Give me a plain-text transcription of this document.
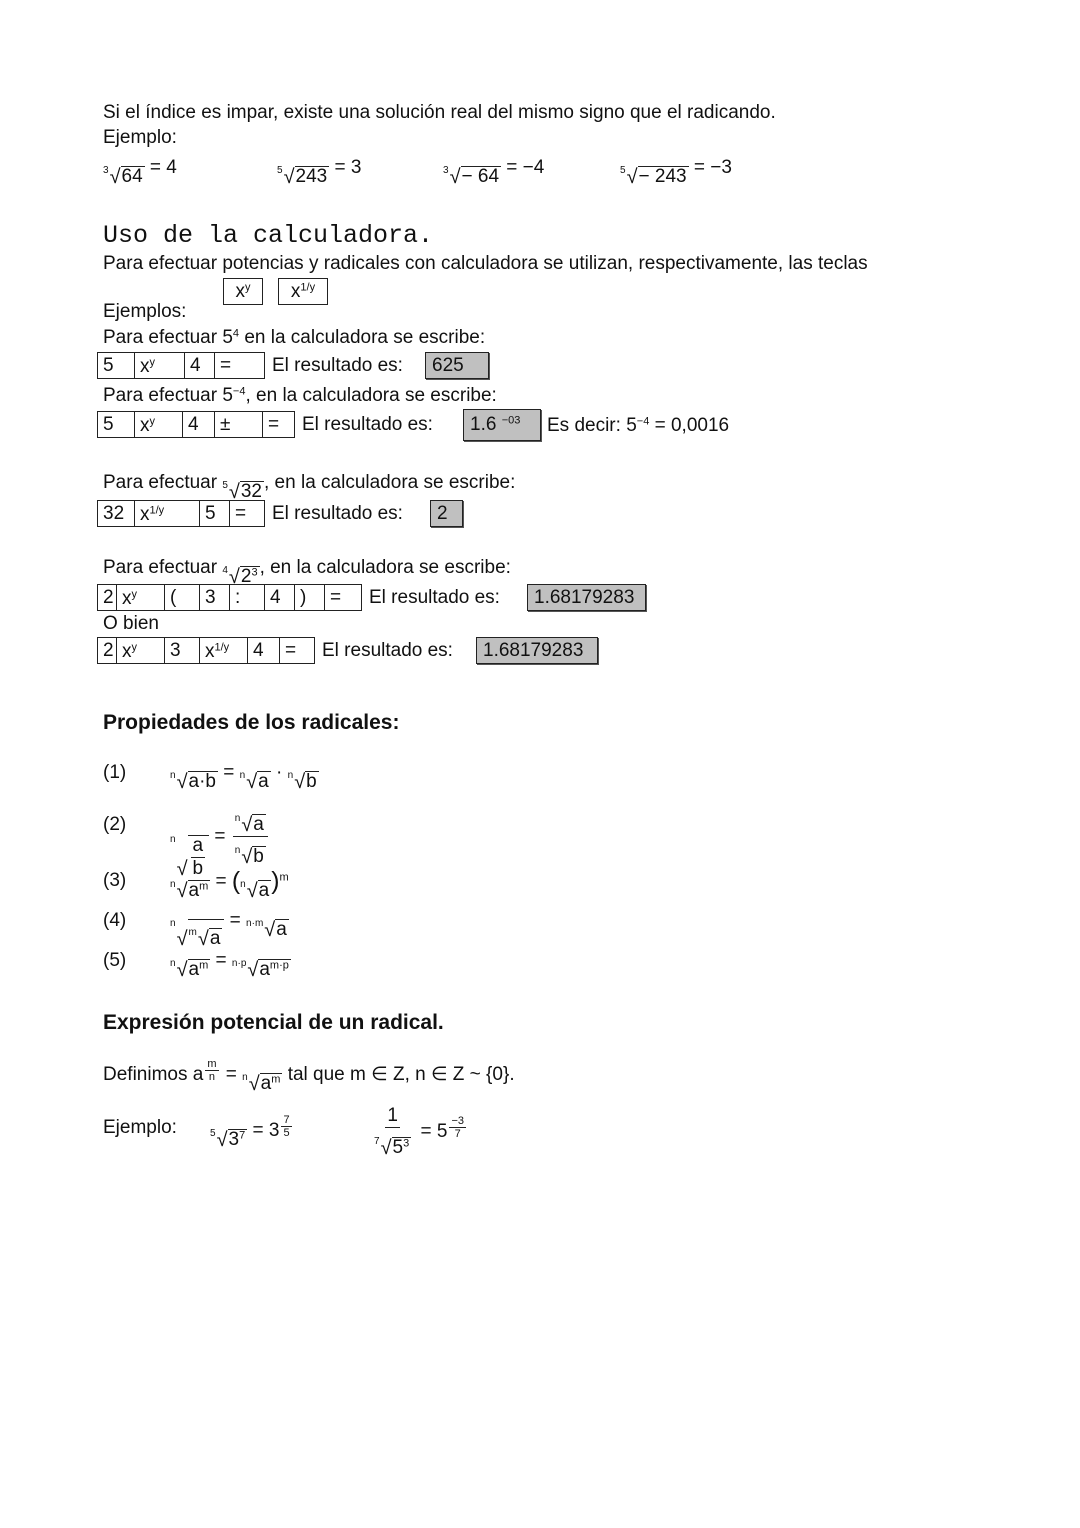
Si el índice es impar, existe una solución real del mismo signo que el radicando.
Ejemplo:
3 √ 64 = 4	5 √ 243 = 3	3 √ − 64 = −4	5 √ − 243 = −3
Uso de la calculadora.
Para efectuar potencias y radicales con calculadora se utilizan, respectivamente, las teclas
$x^y$	$x^{1/y}$
Ejemplos:
Para efectuar $5^4$ en la calculadora se escribe:
5	$x^y$	4	=	El resultado es:	625
Para efectuar $5^{-4}$, en la calculadora se escribe:
5	$x^y$	4	±	=	El resultado es:	1.6 $^{-03}$	Es decir: $5^{-4} = 0,0016$
Para efectuar 5 √ 32 , en la calculadora se escribe:
32 $x^{1/y}$	5	=	El resultado es:	2
Para efectuar 4 √ $2^3$ , en la calculadora se escribe:
2 $x^y$	(	3	:	4	)	=	El resultado es:	1.68179283
O bien
2 $x^y$	3	$x^{1/y}$	4	=	El resultado es:	1.68179283
Propiedades de los radicales:
(1)	n √ a·b = n √ a · n √ b
(2)
n
√ $\frac{a}{b} = \frac{n √ a}{n √ b}$
(3)	n √ $a^m$ = ( n √ a )$^m$
(4)	n
√ m √ a
= n·m √ a
(5)	n √ $a^m = n\cdot p$ √ $a^{m\cdot p}$
Expresión potencial de un radical.
Definimos a $^{\frac{m}{n}}$ = n √ $a^m$ tal que m ∈ Z, n ∈ Z ~ {0}.
Ejemplo:	5 √ $3^7 = 3$ $^{\frac{7}{5}}$	$\frac{1}{7 √ 5^3} = 5$ $^{\frac{-3}{7}}$
